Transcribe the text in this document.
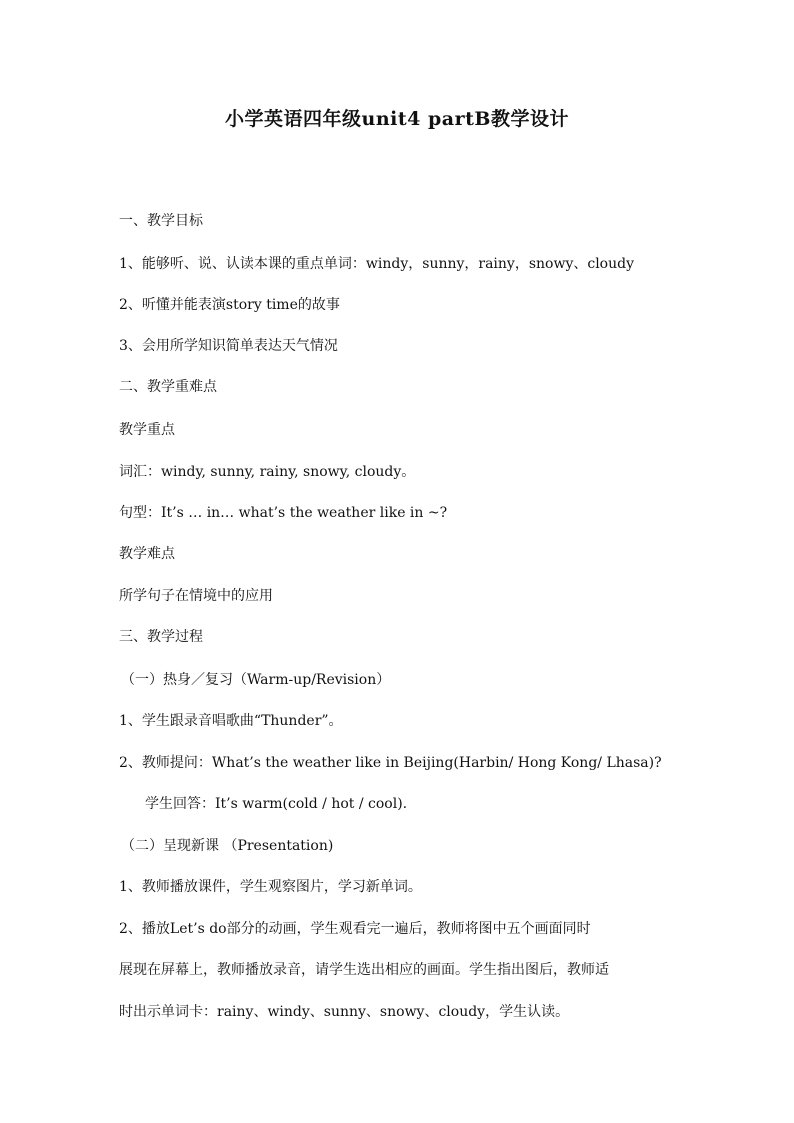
小学英语四年级unit4 partB教学设计
一、教学目标
1、能够听、说、认读本课的重点单词：windy，sunny，rainy，snowy、cloudy
2、听懂并能表演story time的故事
3、会用所学知识简单表达天气情况
二、教学重难点
教学重点
词汇：windy, sunny, rainy, snowy, cloudy。
句型：It’s … in… what’s the weather like in ~?
教学难点
所学句子在情境中的应用
三、教学过程
（一）热身／复习（Warm-up/Revision）
1、学生跟录音唱歌曲“Thunder”。
2、教师提问：What’s the weather like in Beijing(Harbin/ Hong Kong/ Lhasa)?
学生回答：It’s warm(cold / hot / cool).
（二）呈现新课 （Presentation)
1、教师播放课件，学生观察图片，学习新单词。
2、播放Let’s do部分的动画，学生观看完一遍后，教师将图中五个画面同时
展现在屏幕上，教师播放录音，请学生选出相应的画面。学生指出图后，教师适
时出示单词卡：rainy、windy、sunny、snowy、cloudy，学生认读。
